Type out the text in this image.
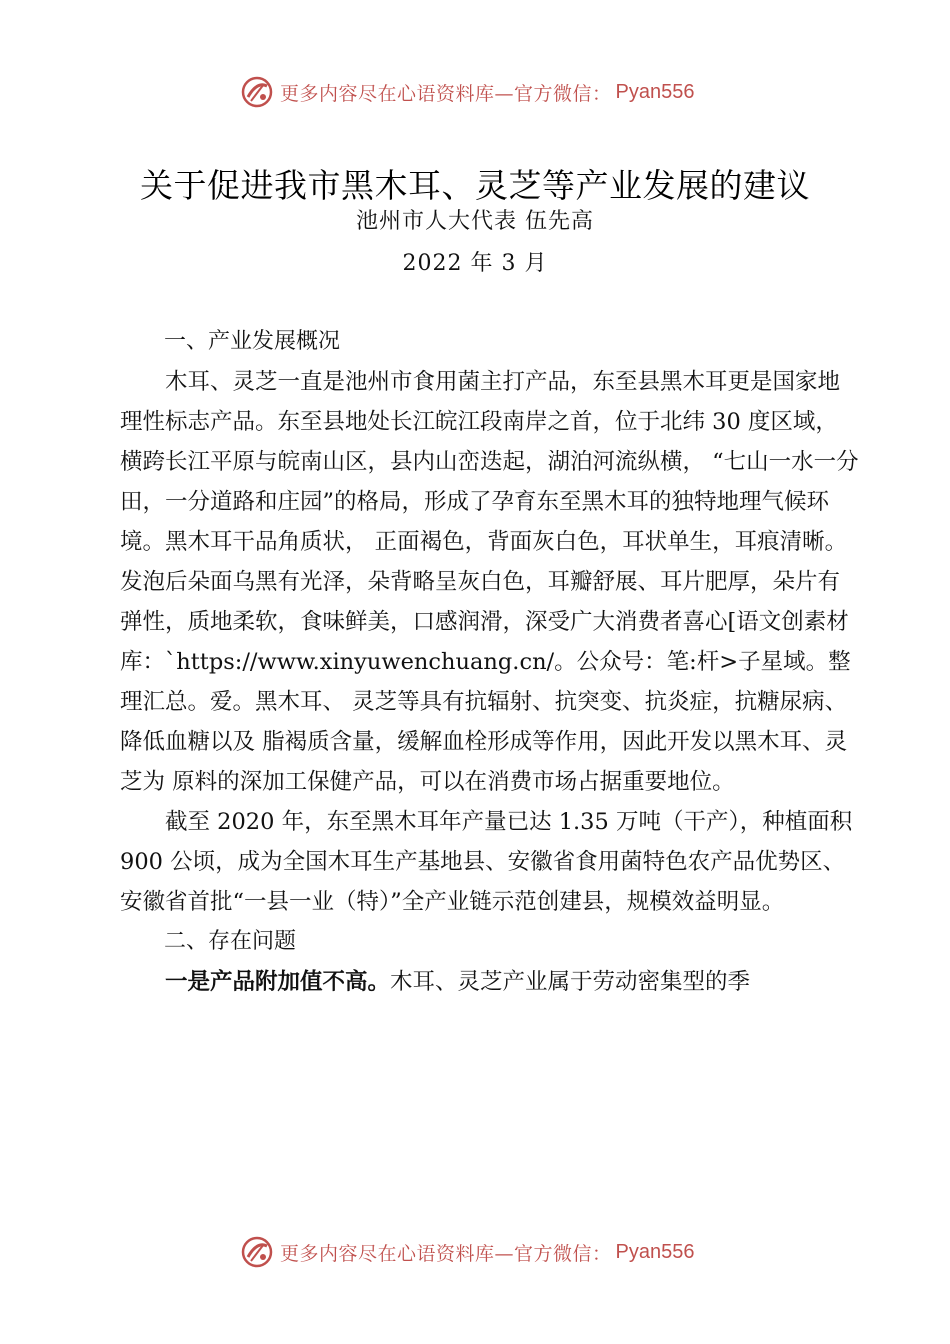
更多内容尽在心语资料库—官方微信： Pyan556
关于促进我市黑木耳、灵芝等产业发展的建议
池州市人大代表 伍先高
2022 年 3 月

一、产业发展概况

木耳、灵芝一直是池州市食用菌主打产品，东至县黑木耳更是国家地理性标志产品。东至县地处长江皖江段南岸之首，位于北纬 30 度区域，横跨长江平原与皖南山区，县内山峦迭起，湖泊河流纵横， “七山一水一分田，一分道路和庄园”的格局，形成了孕育东至黑木耳的独特地理气候环境。黑木耳干品角质状， 正面褐色，背面灰白色，耳状单生，耳痕清晰。发泡后朵面乌黑有光泽，朵背略呈灰白色，耳瓣舒展、耳片肥厚，朵片有弹性，质地柔软，食味鲜美，口感润滑，深受广大消费者喜心[语文创素材库：`https://www.xinyuwenchuang.cn/。公众号：笔:杆>子星域。整理汇总。爱。黑木耳、 灵芝等具有抗辐射、抗突变、抗炎症，抗糖尿病、降低血糖以及 脂褐质含量，缓解血栓形成等作用，因此开发以黑木耳、灵芝为 原料的深加工保健产品，可以在消费市场占据重要地位。

截至 2020 年，东至黑木耳年产量已达 1.35 万吨（干产），种植面积 900 公顷，成为全国木耳生产基地县、安徽省食用菌特色农产品优势区、安徽省首批“一县一业（特）”全产业链示范创建县，规模效益明显。

二、存在问题

一是产品附加值不高。木耳、灵芝产业属于劳动密集型的季

更多内容尽在心语资料库—官方微信： Pyan556
